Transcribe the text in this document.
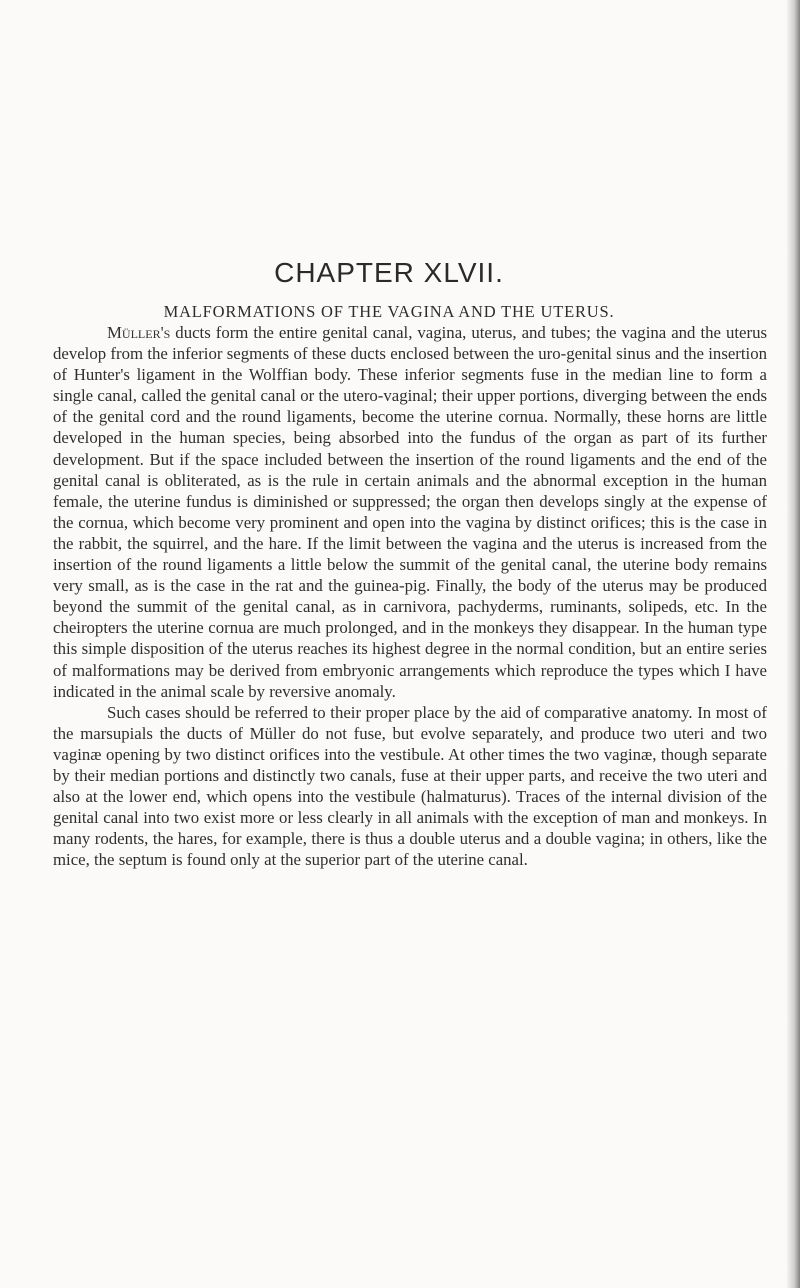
CHAPTER XLVII.
MALFORMATIONS OF THE VAGINA AND THE UTERUS.

Müller's ducts form the entire genital canal, vagina, uterus, and tubes; the vagina and the uterus develop from the inferior segments of these ducts enclosed between the uro-genital sinus and the insertion of Hunter's ligament in the Wolffian body. These inferior segments fuse in the median line to form a single canal, called the genital canal or the utero-vaginal; their upper portions, diverging between the ends of the genital cord and the round ligaments, become the uterine cornua. Normally, these horns are little developed in the human species, being absorbed into the fundus of the organ as part of its further development. But if the space included between the insertion of the round ligaments and the end of the genital canal is obliterated, as is the rule in certain animals and the abnormal exception in the human female, the uterine fundus is diminished or suppressed; the organ then develops singly at the expense of the cornua, which become very prominent and open into the vagina by distinct orifices; this is the case in the rabbit, the squirrel, and the hare. If the limit between the vagina and the uterus is increased from the insertion of the round ligaments a little below the summit of the genital canal, the uterine body remains very small, as is the case in the rat and the guinea-pig. Finally, the body of the uterus may be produced beyond the summit of the genital canal, as in carnivora, pachyderms, ruminants, solipeds, etc. In the cheiropters the uterine cornua are much prolonged, and in the monkeys they disappear. In the human type this simple disposition of the uterus reaches its highest degree in the normal condition, but an entire series of malformations may be derived from embryonic arrangements which reproduce the types which I have indicated in the animal scale by reversive anomaly.

Such cases should be referred to their proper place by the aid of comparative anatomy. In most of the marsupials the ducts of Müller do not fuse, but evolve separately, and produce two uteri and two vaginæ opening by two distinct orifices into the vestibule. At other times the two vaginæ, though separate by their median portions and distinctly two canals, fuse at their upper parts, and receive the two uteri and also at the lower end, which opens into the vestibule (halmaturus). Traces of the internal division of the genital canal into two exist more or less clearly in all animals with the exception of man and monkeys. In many rodents, the hares, for example, there is thus a double uterus and a double vagina; in others, like the mice, the septum is found only at the superior part of the uterine canal.
